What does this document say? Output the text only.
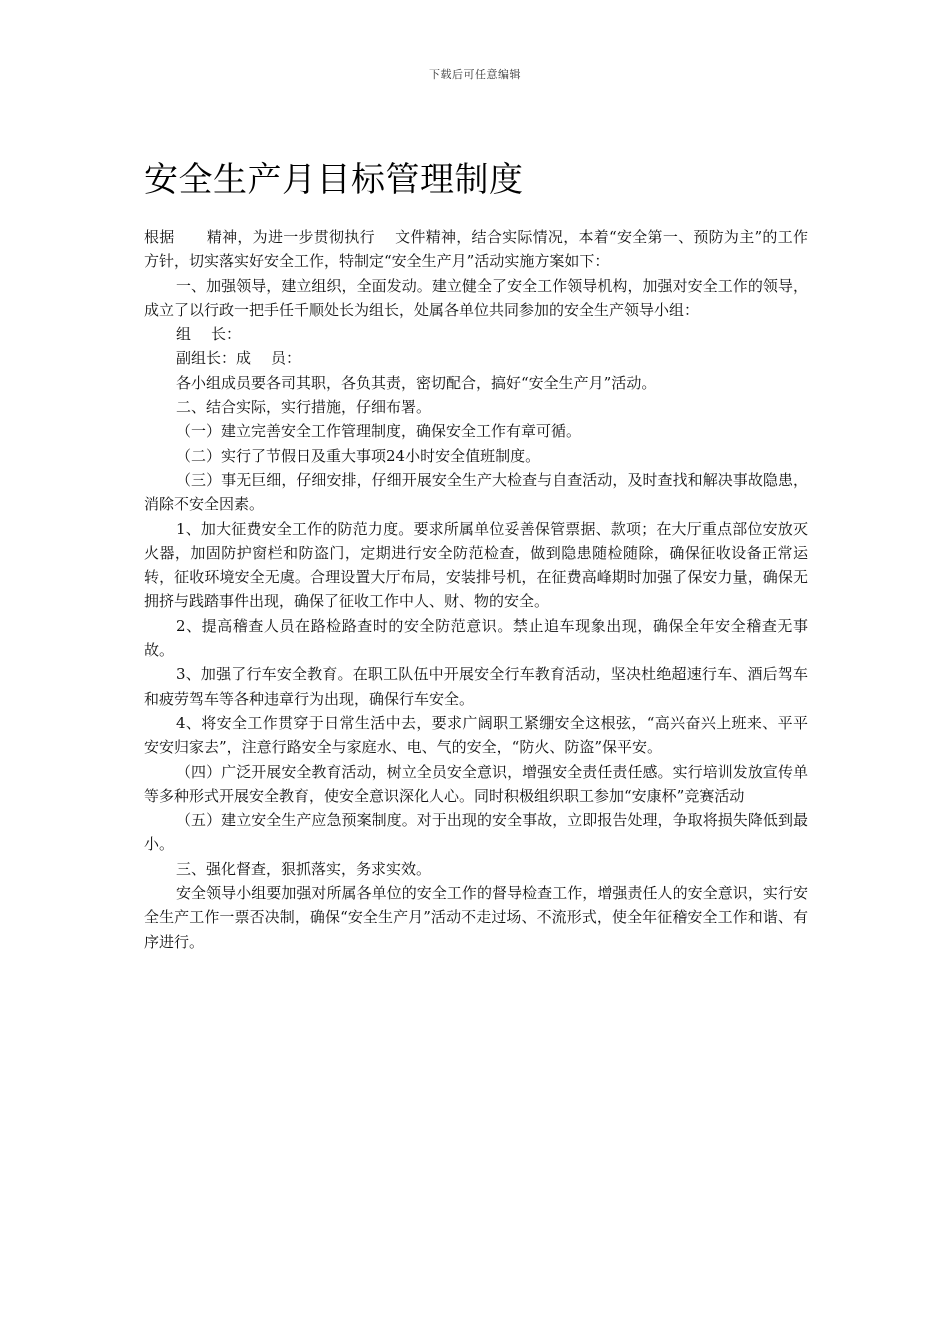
下载后可任意编辑
安全生产月目标管理制度

根据 精神，为进一步贯彻执行 文件精神，结合实际情况，本着“安全第一、预防为主”的工作方针，切实落实好安全工作，特制定“安全生产月”活动实施方案如下：

一、加强领导，建立组织，全面发动。建立健全了安全工作领导机构，加强对安全工作的领导，成立了以行政一把手任千顺处长为组长，处属各单位共同参加的安全生产领导小组：

组 长：

副组长：成 员：

各小组成员要各司其职，各负其责，密切配合，搞好“安全生产月”活动。

二、结合实际，实行措施，仔细布署。

（一）建立完善安全工作管理制度，确保安全工作有章可循。

（二）实行了节假日及重大事项24小时安全值班制度。

（三）事无巨细，仔细安排，仔细开展安全生产大检查与自查活动，及时查找和解决事故隐患，消除不安全因素。

1、加大征费安全工作的防范力度。要求所属单位妥善保管票据、款项；在大厅重点部位安放灭火器，加固防护窗栏和防盗门，定期进行安全防范检查，做到隐患随检随除，确保征收设备正常运转，征收环境安全无虞。合理设置大厅布局，安装排号机，在征费高峰期时加强了保安力量，确保无拥挤与践踏事件出现，确保了征收工作中人、财、物的安全。

2、提高稽查人员在路检路查时的安全防范意识。禁止追车现象出现，确保全年安全稽查无事故。

3、加强了行车安全教育。在职工队伍中开展安全行车教育活动，坚决杜绝超速行车、酒后驾车和疲劳驾车等各种违章行为出现，确保行车安全。

4、将安全工作贯穿于日常生活中去，要求广阔职工紧绷安全这根弦，“高兴奋兴上班来、平平安安归家去”，注意行路安全与家庭水、电、气的安全，“防火、防盗”保平安。

（四）广泛开展安全教育活动，树立全员安全意识，增强安全责任责任感。实行培训发放宣传单等多种形式开展安全教育，使安全意识深化人心。同时积极组织职工参加“安康杯”竞赛活动

（五）建立安全生产应急预案制度。对于出现的安全事故，立即报告处理，争取将损失降低到最小。

三、强化督查，狠抓落实，务求实效。

安全领导小组要加强对所属各单位的安全工作的督导检查工作，增强责任人的安全意识，实行安全生产工作一票否决制，确保“安全生产月”活动不走过场、不流形式，使全年征稽安全工作和谐、有序进行。
